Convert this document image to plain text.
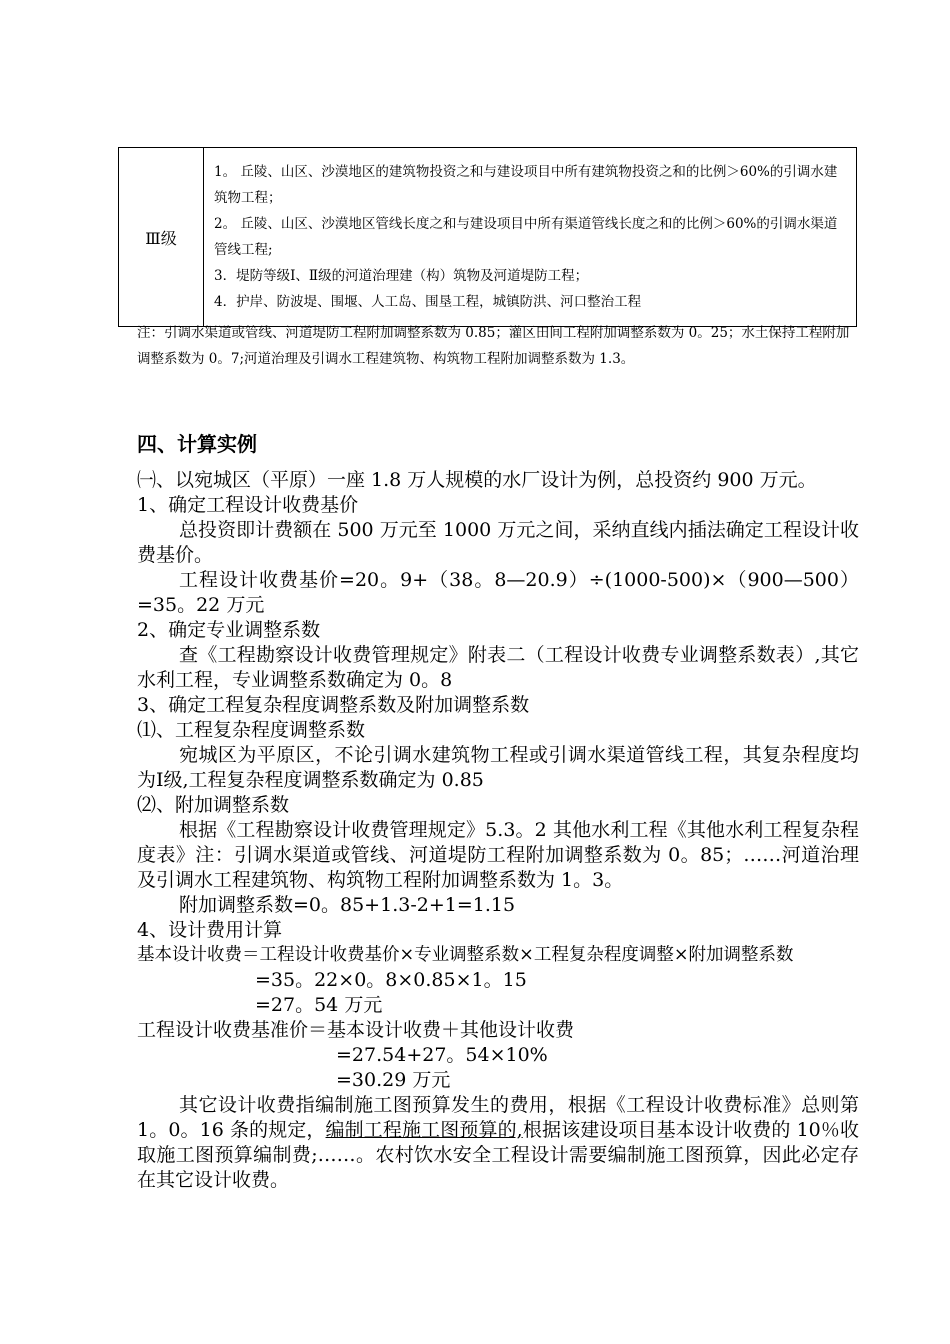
Ⅲ级	
1。 丘陵、山区、沙漠地区的建筑物投资之和与建设项目中所有建筑物投资之和的比例＞60%的引调水建筑物工程；
2。 丘陵、山区、沙漠地区管线长度之和与建设项目中所有渠道管线长度之和的比例＞60%的引调水渠道管线工程;
3．堤防等级Ⅰ、Ⅱ级的河道治理建（构）筑物及河道堤防工程；
4．护岸、防波堤、围堰、人工岛、围垦工程，城镇防洪、河口整治工程
注：引调水渠道或管线、河道堤防工程附加调整系数为 0.85；灌区田间工程附加调整系数为 0。25；水土保持工程附加调整系数为 0。7;河道治理及引调水工程建筑物、构筑物工程附加调整系数为 1.3。
四、计算实例

㈠、以宛城区（平原）一座 1.8 万人规模的水厂设计为例，总投资约 900 万元。

1、确定工程设计收费基价

总投资即计费额在 500 万元至 1000 万元之间，采纳直线内插法确定工程设计收费基价。

工程设计收费基价=20。9+（38。8—20.9）÷(1000-500)×（900—500）=35。22 万元

2、确定专业调整系数

查《工程勘察设计收费管理规定》附表二（工程设计收费专业调整系数表）,其它水利工程，专业调整系数确定为 0。8

3、确定工程复杂程度调整系数及附加调整系数

⑴、工程复杂程度调整系数

宛城区为平原区，不论引调水建筑物工程或引调水渠道管线工程，其复杂程度均为Ⅰ级,工程复杂程度调整系数确定为 0.85

⑵、附加调整系数

根据《工程勘察设计收费管理规定》5.3。2 其他水利工程《其他水利工程复杂程度表》注：引调水渠道或管线、河道堤防工程附加调整系数为 0。85；……河道治理及引调水工程建筑物、构筑物工程附加调整系数为 1。3。

附加调整系数=0。85+1.3-2+1=1.15

4、设计费用计算

基本设计收费＝工程设计收费基价×专业调整系数×工程复杂程度调整×附加调整系数

=35。22×0。8×0.85×1。15

=27。54 万元

工程设计收费基准价＝基本设计收费＋其他设计收费

=27.54+27。54×10%

=30.29 万元

其它设计收费指编制施工图预算发生的费用，根据《工程设计收费标准》总则第 1。0。16 条的规定，编制工程施工图预算的,根据该建设项目基本设计收费的 10％收取施工图预算编制费;……。农村饮水安全工程设计需要编制施工图预算，因此必定存在其它设计收费。
